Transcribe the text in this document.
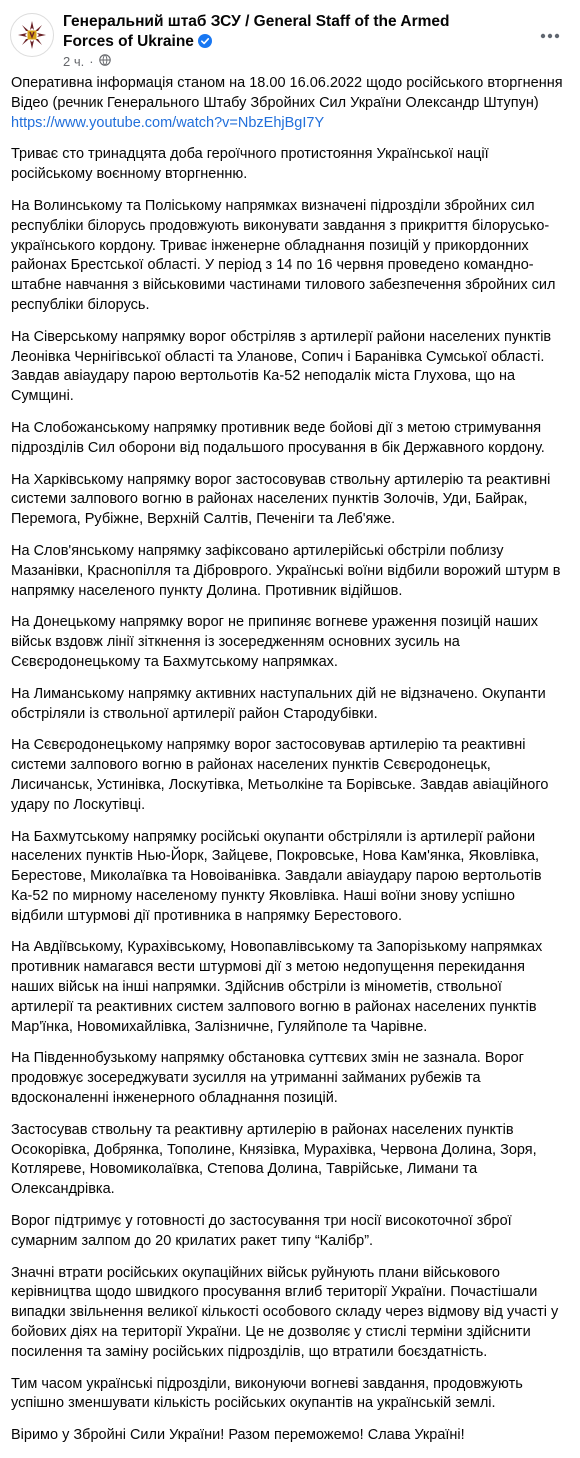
Генеральний штаб ЗСУ / General Staff of the Armed Forces of Ukraine
2 ч. ·

Оперативна інформація станом на 18.00 16.06.2022 щодо російського вторгнення
Відео (речник Генерального Штабу Збройних Сил України Олександр Штупун)
https://www.youtube.com/watch?v=NbzEhjBgI7Y

Триває сто тринадцята доба героїчного протистояння Української нації російському воєнному вторгненню.

На Волинському та Поліському напрямках визначені підрозділи збройних сил республіки білорусь продовжують виконувати завдання з прикриття білорусько-українського кордону. Триває інженерне обладнання позицій у прикордонних районах Брестської області. У період з 14 по 16 червня проведено командно-штабне навчання з військовими частинами тилового забезпечення збройних сил республіки білорусь.

На Сіверському напрямку ворог обстріляв з артилерії райони населених пунктів Леонівка Чернігівської області та Уланове, Сопич і Баранівка Сумської області. Завдав авіаудару парою вертольотів Ка-52 неподалік міста Глухова, що на Сумщині.

На Слобожанському напрямку противник веде бойові дії з метою стримування підрозділів Сил оборони від подальшого просування в бік Державного кордону.

На Харківському напрямку ворог застосовував ствольну артилерію та реактивні системи залпового вогню в районах населених пунктів Золочів, Уди, Байрак, Перемога, Рубіжне, Верхній Салтів, Печеніги та Леб'яже.

На Слов'янському напрямку зафіксовано артилерійські обстріли поблизу Мазанівки, Краснопілля та Діброврого. Українські воїни відбили ворожий штурм в напрямку населеного пункту Долина. Противник відійшов.

На Донецькому напрямку ворог не припиняє вогневе ураження позицій наших військ вздовж лінії зіткнення із зосередженням основних зусиль на Сєвєродонецькому та Бахмутському напрямках.

На Лиманському напрямку активних наступальних дій не відзначено. Окупанти обстріляли із ствольної артилерії район Стародубівки.

На Сєвєродонецькому напрямку ворог застосовував артилерію та реактивні системи залпового вогню в районах населених пунктів Сєвєродонецьк, Лисичанськ, Устинівка, Лоскутівка, Метьолкіне та Борівське. Завдав авіаційного удару по Лоскутівці.

На Бахмутському напрямку російські окупанти обстріляли із артилерії райони населених пунктів Нью-Йорк, Зайцеве, Покровське, Нова Кам'янка, Яковлівка, Берестове, Миколаївка та Новоіванівка. Завдали авіаудару парою вертольотів Ка-52 по мирному населеному пункту Яковлівка. Наші воїни знову успішно відбили штурмові дії противника в напрямку Берестового.

На Авдіївському, Курахівському, Новопавлівському та Запорізькому напрямках противник намагався вести штурмові дії з метою недопущення перекидання наших військ на інші напрямки. Здійснив обстріли із мінометів, ствольної артилерії та реактивних систем залпового вогню в районах населених пунктів Мар'їнка, Новомихайлівка, Залізничне, Гуляйполе та Чарівне.

На Південнобузькому напрямку обстановка суттєвих змін не зазнала. Ворог продовжує зосереджувати зусилля на утриманні займаних рубежів та вдосконаленні інженерного обладнання позицій.

Застосував ствольну та реактивну артилерію в районах населених пунктів Осокорівка, Добрянка, Тополине, Князівка, Мурахівка, Червона Долина, Зоря, Котляреве, Новомиколаївка, Степова Долина, Таврійське, Лимани та Олександрівка.

Ворог підтримує у готовності до застосування три носії високоточної зброї сумарним залпом до 20 крилатих ракет типу “Калібр”.

Значні втрати російських окупаційних військ руйнують плани військового керівництва щодо швидкого просування вглиб території України. Почастішали випадки звільнення великої кількості особового складу через відмову від участі у бойових діях на території України. Це не дозволяє у стислі терміни здійснити посилення та заміну російських підрозділів, що втратили боєздатність.

Тим часом українські підрозділи, виконуючи вогневі завдання, продовжують успішно зменшувати кількість російських окупантів на українській землі.

Віримо у Збройні Сили України! Разом переможемо! Слава Україні!
